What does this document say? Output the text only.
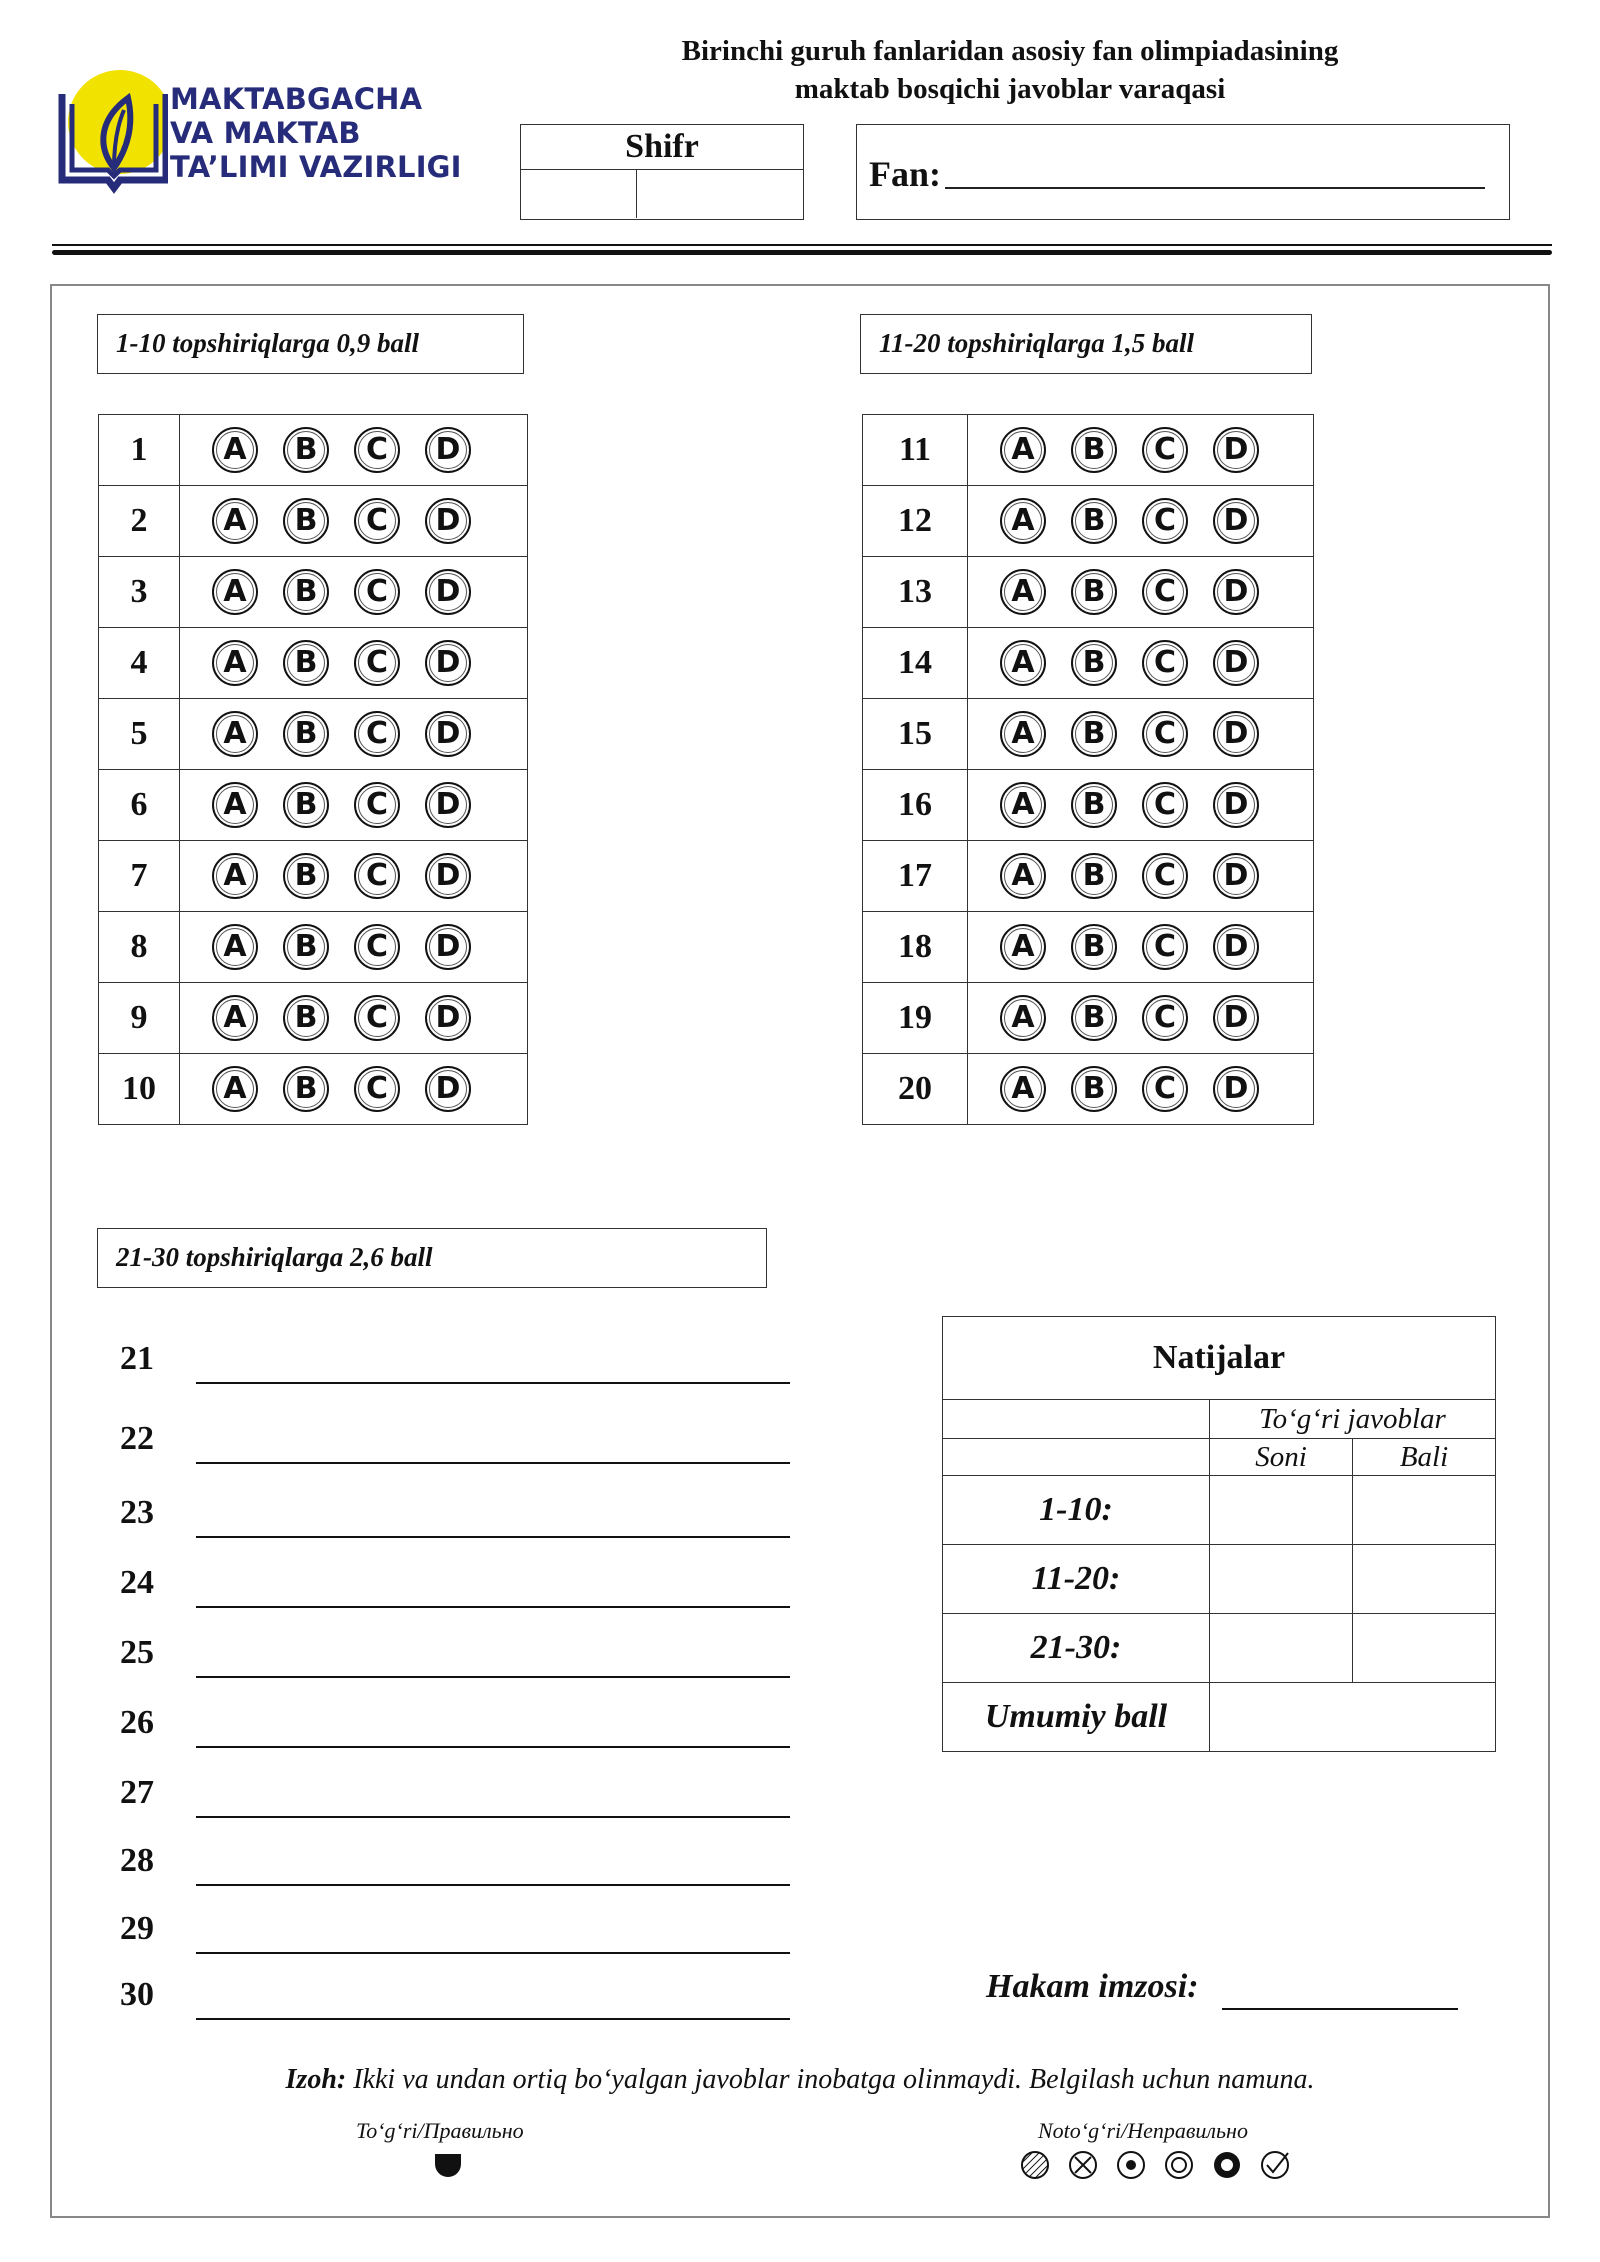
MAKTABGACHA
VA MAKTAB
TA’LIMI VAZIRLIGI
Birinchi guruh fanlaridan asosiy fan olimpiadasining
maktab bosqichi javoblar varaqasi
Shifr
Fan:
1-10 topshiriqlarga 0,9 ball
1	A B C D

2	A B C D

3	A B C D

4	A B C D

5	A B C D

6	A B C D

7	A B C D

8	A B C D

9	A B C D

10	A B C D
11-20 topshiriqlarga 1,5 ball
11	A B C D

12	A B C D

13	A B C D

14	A B C D

15	A B C D

16	A B C D

17	A B C D

18	A B C D

19	A B C D

20	A B C D
21-30 topshiriqlarga 2,6 ball
21
22
23
24
25
26
27
28
29
30
Natijalar		
	To‘g‘ri javoblar	
	Soni	Bali
1-10:		
11-20:		
21-30:		
Umumiy ball		
Hakam imzosi:
Izoh: Ikki va undan ortiq bo‘yalgan javoblar inobatga olinmaydi. Belgilash uchun namuna.
To‘g‘ri/Правильно	Noto‘g‘ri/Неправильно
